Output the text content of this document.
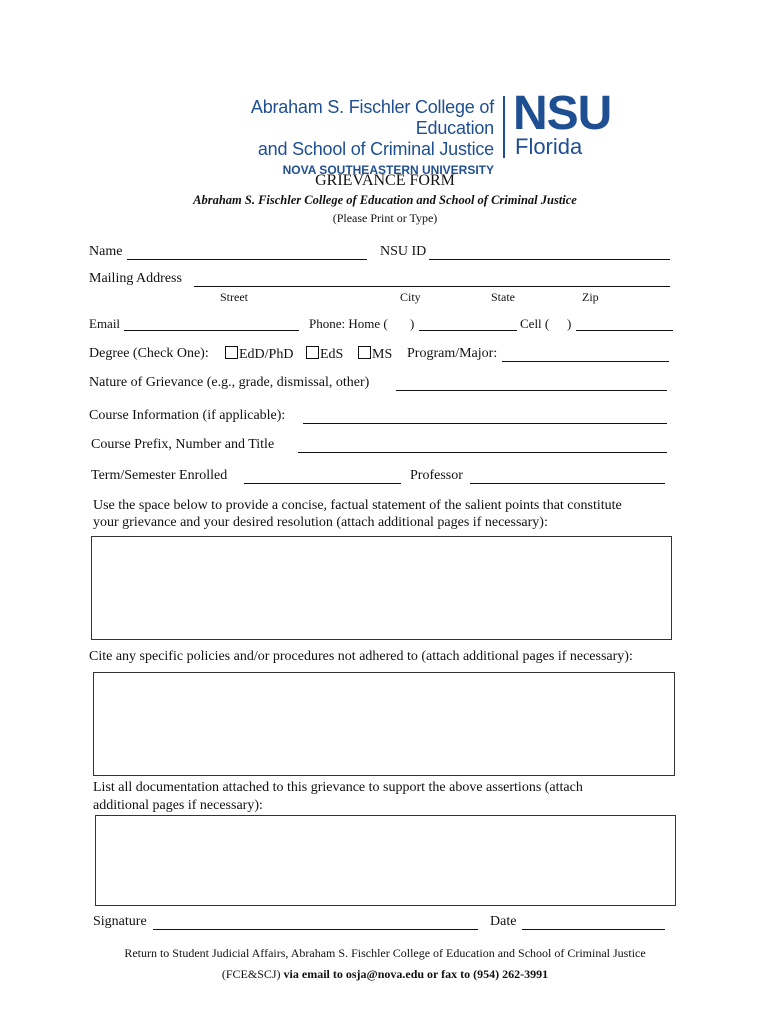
Abraham S. Fischler College of Education
and School of Criminal Justice
NOVA SOUTHEASTERN UNIVERSITY
NSU
Florida
GRIEVANCE FORM
Abraham S. Fischler College of Education and School of Criminal Justice
(Please Print or Type)
Name	NSU ID
Mailing Address
Street	City	State	Zip
Email	Phone: Home ( )	Cell ( )
Degree (Check One):	EdD/PhD	EdS	MS Program/Major:
Nature of Grievance (e.g., grade, dismissal, other)
Course Information (if applicable):
Course Prefix, Number and Title
Term/Semester Enrolled	Professor
Use the space below to provide a concise, factual statement of the salient points that constitute
your grievance and your desired resolution (attach additional pages if necessary):
Cite any specific policies and/or procedures not adhered to (attach additional pages if necessary):
List all documentation attached to this grievance to support the above assertions (attach
additional pages if necessary):
Signature	Date
Return to Student Judicial Affairs, Abraham S. Fischler College of Education and School of Criminal Justice
(FCE&SCJ) via email to osja@nova.edu or fax to (954) 262-3991
